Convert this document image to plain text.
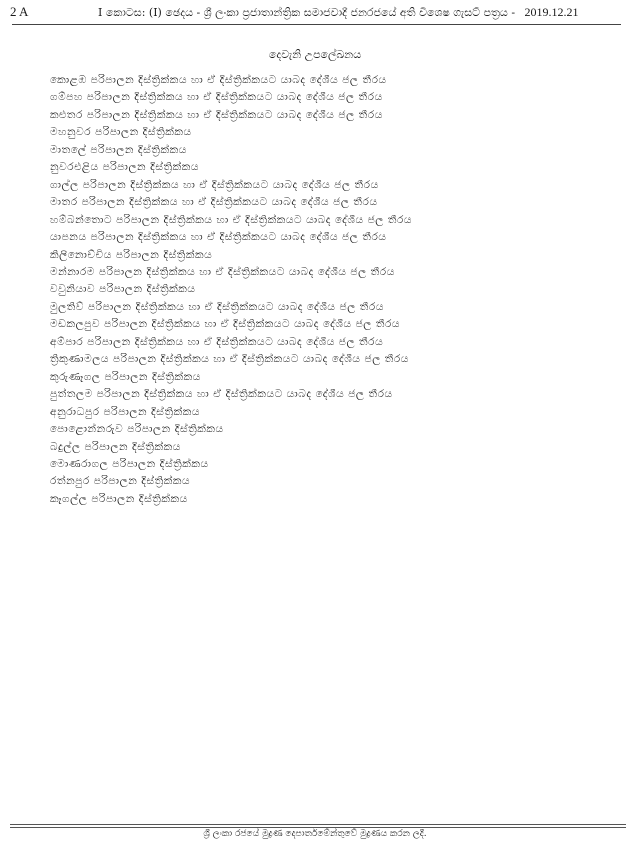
2 A	I කොටස: (I) ඡෙදය - ශ්‍රී ලංකා ප්‍රජාතාන්ත්‍රික සමාජවාදී ජනරජයේ අති විශෙෂ ගැසට් පත්‍රය - 2019.12.21
දෙවැනි උපලේඛනය
කොළඹ පරිපාලන දිස්ත්‍රික්කය හා ඒ දිස්ත්‍රික්කයට යාබද දේශීය ජල තීරය
ගම්පහ පරිපාලන දිස්ත්‍රික්කය හා ඒ දිස්ත්‍රික්කයට යාබද දේශීය ජල තීරය
කළුතර පරිපාලන දිස්ත්‍රික්කය හා ඒ දිස්ත්‍රික්කයට යාබද දේශීය ජල තීරය
මහනුවර පරිපාලන දිස්ත්‍රික්කය
මාතලේ පරිපාලන දිස්ත්‍රික්කය
නුවරඑළිය පරිපාලන දිස්ත්‍රික්කය
ගාල්ල පරිපාලන දිස්ත්‍රික්කය හා ඒ දිස්ත්‍රික්කයට යාබද දේශීය ජල තීරය
මාතර පරිපාලන දිස්ත්‍රික්කය හා ඒ දිස්ත්‍රික්කයට යාබද දේශීය ජල තීරය
හම්බන්තොට පරිපාලන දිස්ත්‍රික්කය හා ඒ දිස්ත්‍රික්කයට යාබද දේශීය ජල තීරය
යාපනය පරිපාලන දිස්ත්‍රික්කය හා ඒ දිස්ත්‍රික්කයට යාබද දේශීය ජල තීරය
කිලිනොච්චිය පරිපාලන දිස්ත්‍රික්කය
මන්නාරම පරිපාලන දිස්ත්‍රික්කය හා ඒ දිස්ත්‍රික්කයට යාබද දේශීය ජල තීරය
වවුනියාව පරිපාලන දිස්ත්‍රික්කය
මුලතිව් පරිපාලන දිස්ත්‍රික්කය හා ඒ දිස්ත්‍රික්කයට යාබද දේශීය ජල තීරය
මඩකලපුව පරිපාලන දිස්ත්‍රික්කය හා ඒ දිස්ත්‍රික්කයට යාබද දේශීය ජල තීරය
අම්පාර පරිපාලන දිස්ත්‍රික්කය හා ඒ දිස්ත්‍රික්කයට යාබද දේශීය ජල තීරය
ත්‍රිකුණාමලය පරිපාලන දිස්ත්‍රික්කය හා ඒ දිස්ත්‍රික්කයට යාබද දේශීය ජල තීරය
කුරුණෑගල පරිපාලන දිස්ත්‍රික්කය
පුත්තලම පරිපාලන දිස්ත්‍රික්කය හා ඒ දිස්ත්‍රික්කයට යාබද දේශීය ජල තීරය
අනුරාධපුර පරිපාලන දිස්ත්‍රික්කය
පොළොන්නරුව පරිපාලන දිස්ත්‍රික්කය
බදුල්ල පරිපාලන දිස්ත්‍රික්කය
මොණරාගල පරිපාලන දිස්ත්‍රික්කය
රත්නපුර පරිපාලන දිස්ත්‍රික්කය
කෑගල්ල පරිපාලන දිස්ත්‍රික්කය
ශ්‍රී ලංකා රජයේ මුද්‍රණ දෙපාර්තමේන්තුවේ මුද්‍රණය කරන ලදී.
